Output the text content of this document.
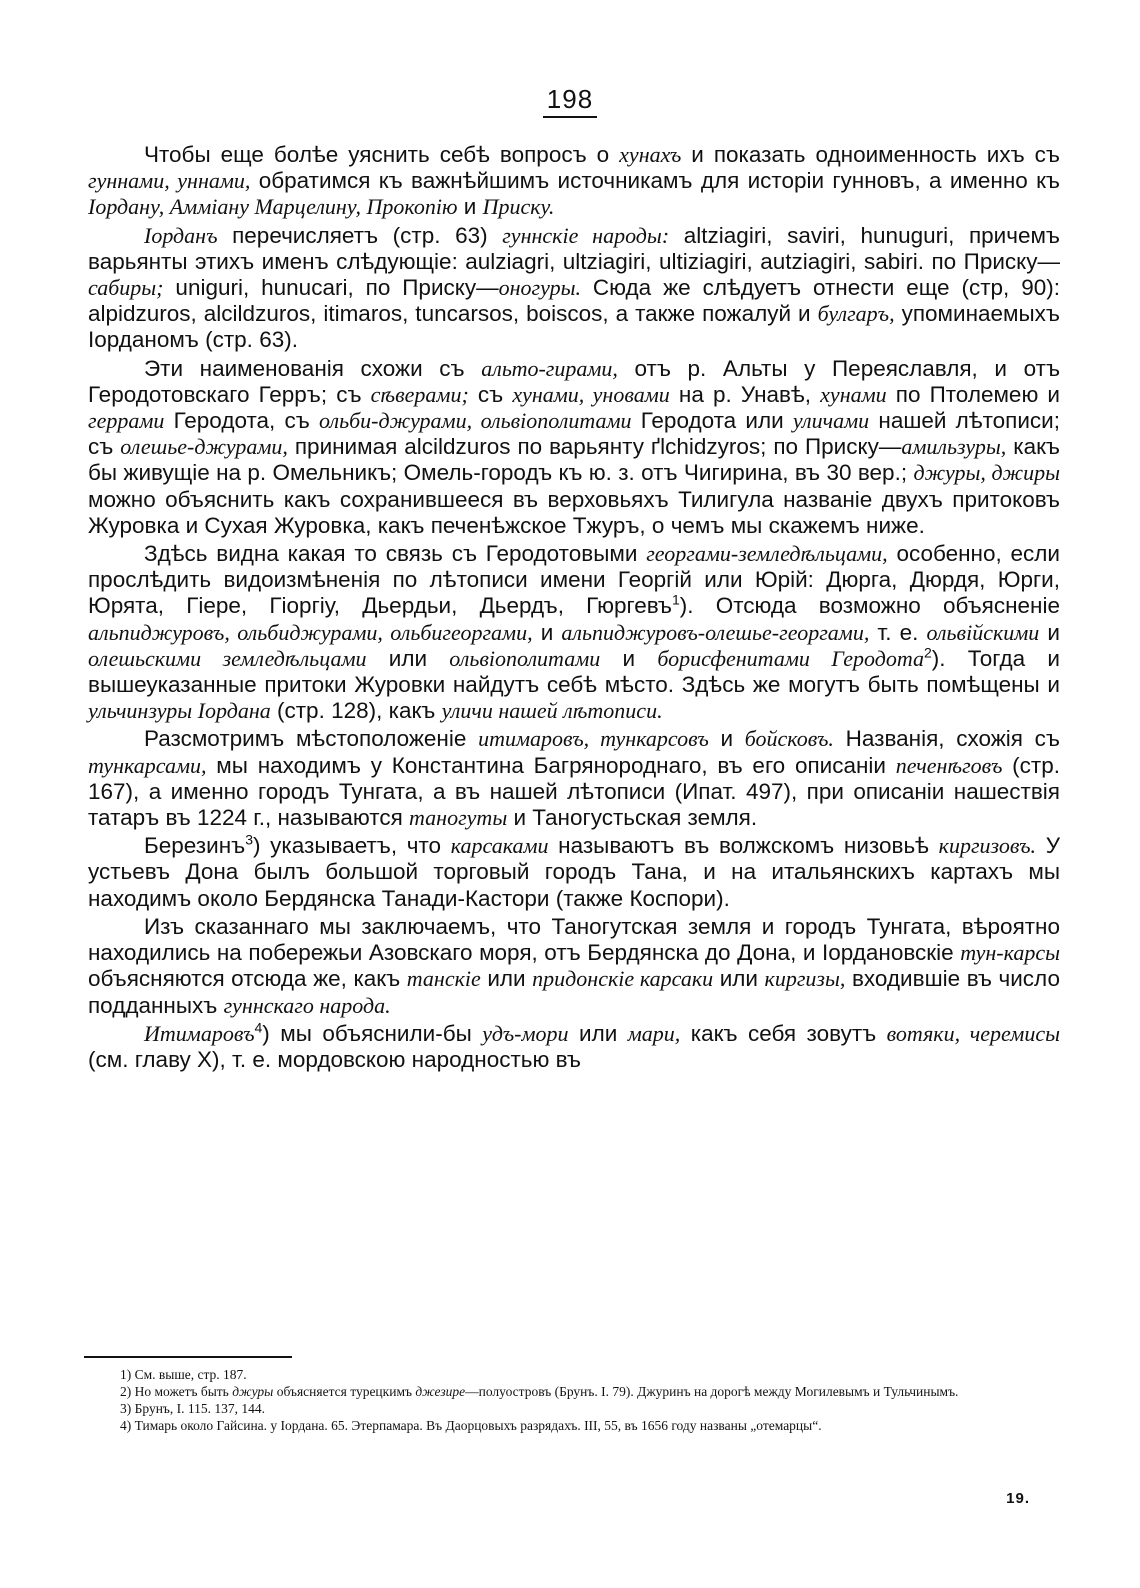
198

Чтобы еще болѣе уяснить себѣ вопросъ о хунахъ и показать одноименность ихъ съ гуннами, уннами, обратимся къ важнѣйшимъ источникамъ для исторіи гунновъ, а именно къ Іордану, Аммiану Марцелину, Прокопію и Приску.

Іорданъ перечисляетъ (стр. 63) гуннскіе народы: altziagiri, saviri, hunuguri, причемъ варьянты этихъ именъ слѣдующіе: aulziagri, ultziagiri, ultiziagiri, autziagiri, sabiri. по Приску—сабиры; unigurі, hunucari, по Приску—оногуры. Сюда же слѣдуетъ отнести еще (стр, 90): alpidzuros, alcildzuros, itimaros, tuncarsos, boiscos, а также пожалуй и булгаръ, упоминаемыхъ Іорданомъ (стр. 63).

Эти наименованія схожи съ альто-гирами, отъ р. Альты у Переяславля, и отъ Геродотовскаго Герръ; съ сѣверами; съ хунами, уновами на р. Унавѣ, хунами по Птолемею и геррами Геродота, съ ольби-джурами, ольвіополитами Геродота или уличами нашей лѣтописи; съ олешье-джурами, принимая alcildzuros по варьянту ґlchidzyros; по Приску—амильзуры, какъ бы живущіе на р. Омельникъ; Омель-городъ къ ю. з. отъ Чигирина, въ 30 вер.; джуры, джиры можно объяснить какъ сохранившееся въ верховьяхъ Тилигула названіе двухъ притоковъ Журовка и Сухая Журовка, какъ печенѣжское Тжуръ, о чемъ мы скажемъ ниже.

Здѣсь видна какая то связь съ Геродотовыми георгами-земледѣльцами, особенно, если прослѣдить видоизмѣненія по лѣтописи имени Георгій или Юрій: Дюрга, Дюрдя, Юрги, Юрята, Гіере, Гіоргіу, Дьердьи, Дьердъ, Гюргевъ$^1$). Отсюда возможно объясненіе альпиджуровъ, ольбиджурами, ольбигеоргами, и альпиджуровъ-олешье-георгами, т. е. ольвійскими и олешьскими земледѣльцами или ольвіополитами и борисфенитами Геродота$^2$). Тогда и вышеуказанные притоки Журовки найдутъ себѣ мѣсто. Здѣсь же могутъ быть помѣщены и ульчинзуры Іордана (стр. 128), какъ уличи нашей лѣтописи.

Разсмотримъ мѣстоположеніе итимаровъ, тункарсовъ и бойсковъ. Названія, схожія съ тункарсами, мы находимъ у Константина Багрянороднаго, въ его описаніи печенѣговъ (стр. 167), а именно городъ Тунгата, а въ нашей лѣтописи (Ипат. 497), при описаніи нашествія татаръ въ 1224 г., называются таногуты и Таногустьская земля.

Березинъ$^3$) указываетъ, что карсаками называютъ въ волжскомъ низовьѣ киргизовъ. У устьевъ Дона былъ большой торговый городъ Тана, и на итальянскихъ картахъ мы находимъ около Бердянска Танади-Кастори (также Коспори).

Изъ сказаннаго мы заключаемъ, что Таногутская земля и городъ Тунгата, вѣроятно находились на побережьи Азовскаго моря, отъ Бердянска до Дона, и Іордановскіе тун-карсы объясняются отсюда же, какъ танскіе или придонскіе карсаки или киргизы, входившіе въ число подданныхъ гуннскаго народа.

Итимаровъ$^4$) мы объяснили-бы удъ-мори или мари, какъ себя зовутъ вотяки, черемисы (см. главу X), т. е. мордовскою народностью въ

1) См. выше, стр. 187.

2) Но можетъ быть джуры объясняется турецкимъ джезире—полуостровъ (Брунъ. I. 79). Джуринъ на дорогѣ между Могилевымъ и Тульчинымъ.

3) Брунъ, I. 115. 137, 144.

4) Тимарь около Гайсина. у Іордана. 65. Этерпамара. Въ Даорцовыхъ разрядахъ. III, 55, въ 1656 году названы „отемарцы“.

19.
